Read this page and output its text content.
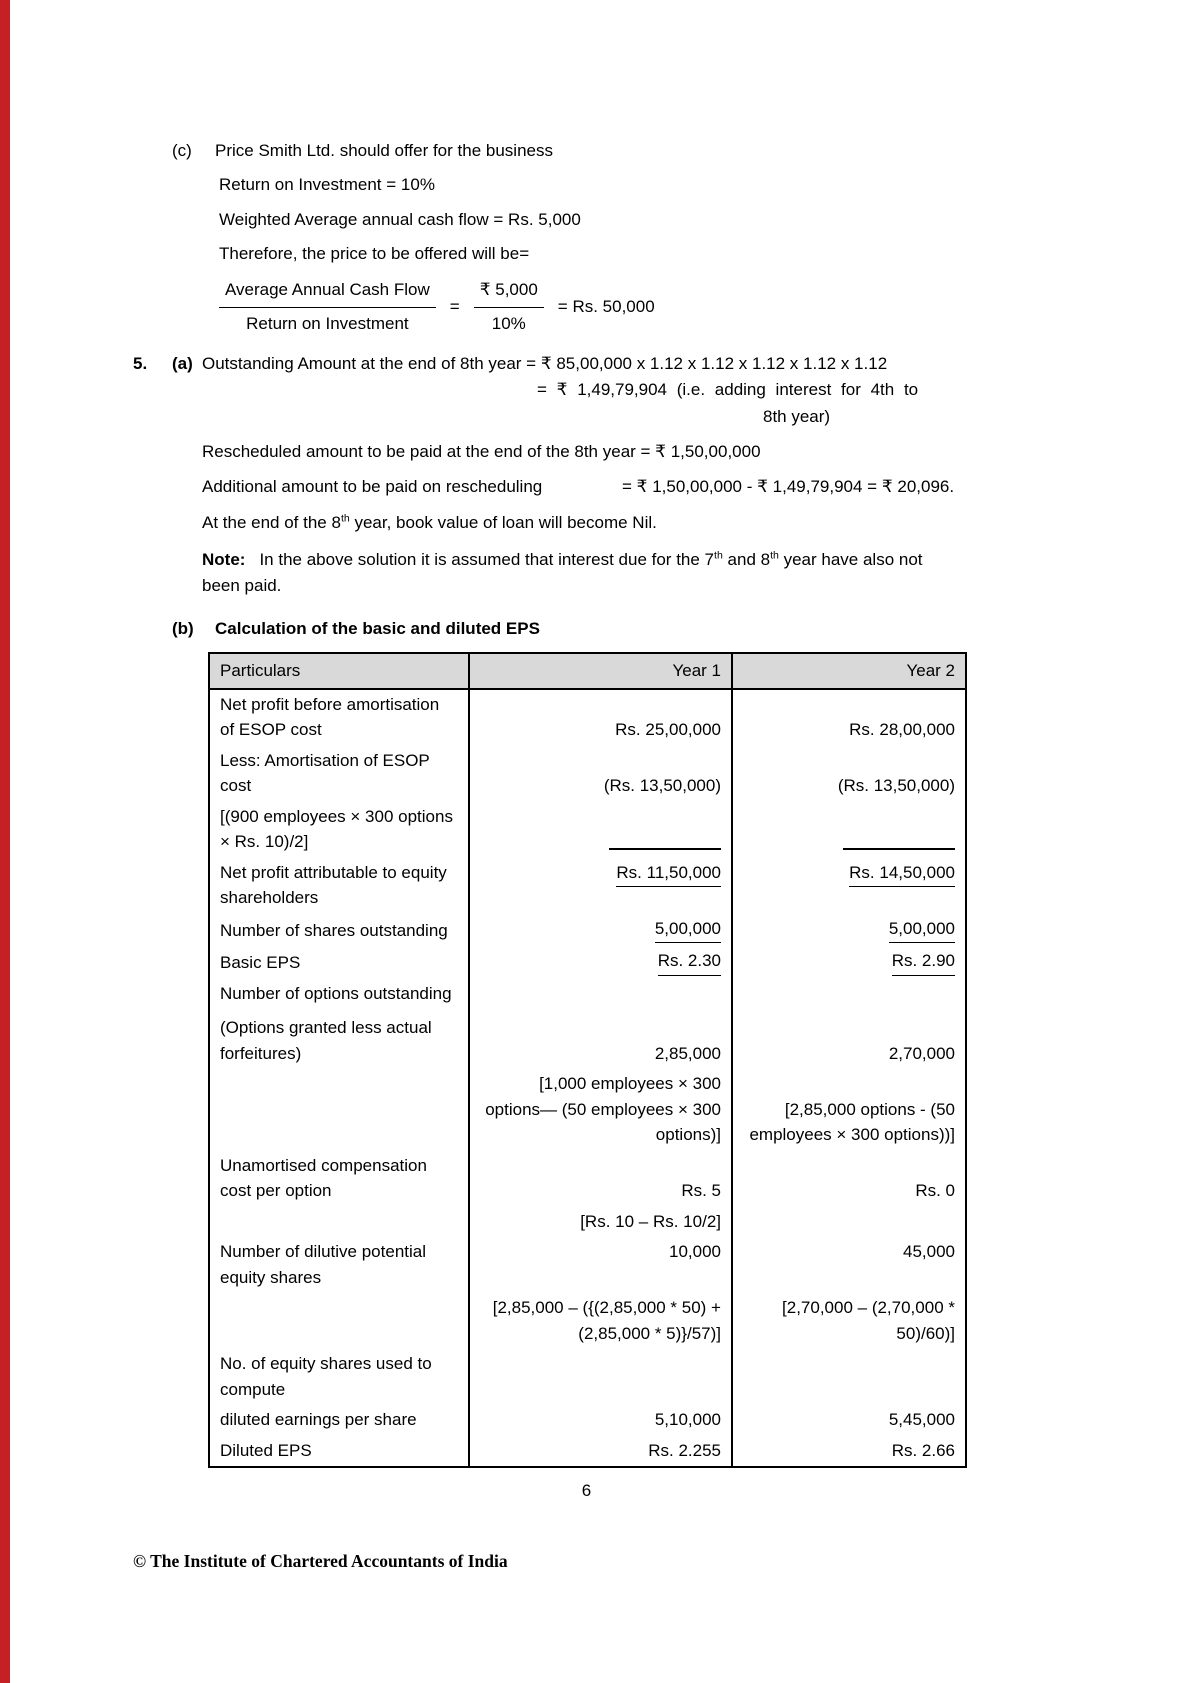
(c)	Price Smith Ltd. should offer for the business

Return on Investment = 10%

Weighted Average annual cash flow = Rs. 5,000

Therefore, the price to be offered will be=

$\frac{\text{Average Annual Cash Flow}}{\text{Return on Investment}} = \frac{₹ 5,000}{10\%} = Rs$. 50,000
5.	(a) Outstanding Amount at the end of 8th year = ₹ 85,00,000 x 1.12 x 1.12 x 1.12 x 1.12 x 1.12

= ₹ 1,49,79,904 (i.e. adding interest for 4th to

8th year)

Rescheduled amount to be paid at the end of the 8th year = ₹ 1,50,00,000

Additional amount to be paid on rescheduling	= ₹ 1,50,00,000 - ₹ 1,49,79,904 = ₹ 20,096.

At the end of the 8th year, book value of loan will become Nil.

Note: In the above solution it is assumed that interest due for the 7th and 8th year have also not

been paid.

(b)	Calculation of the basic and diluted EPS
Particulars	Year 1	Year 2
Net profit before amortisation of ESOP cost	Rs. 25,00,000	Rs. 28,00,000
Less: Amortisation of ESOP cost	(Rs. 13,50,000)	(Rs. 13,50,000)
[(900 employees × 300 options × Rs. 10)/2]	

Net profit attributable to equity shareholders	Rs. 11,50,000	Rs. 14,50,000
Number of shares outstanding	5,00,000	5,00,000
Basic EPS	Rs. 2.30	Rs. 2.90

Number of options outstanding
(Options granted less actual forfeitures)	2,85,000	2,70,000
	[1,000 employees × 300 options— (50 employees × 300 options)]	[2,85,000 options - (50 employees × 300 options))]
Unamortised compensation cost per option	Rs. 5	Rs. 0
	[Rs. 10 – Rs. 10/2]	
Number of dilutive potential equity shares	10,000	45,000
	[2,85,000 – ({(2,85,000 * 50) + (2,85,000 * 5)}/57)]	[2,70,000 – (2,70,000 * 50)/60)]
No. of equity shares used to compute		
diluted earnings per share	5,10,000	5,45,000
Diluted EPS	Rs. 2.255	Rs. 2.66
6
© The Institute of Chartered Accountants of India
